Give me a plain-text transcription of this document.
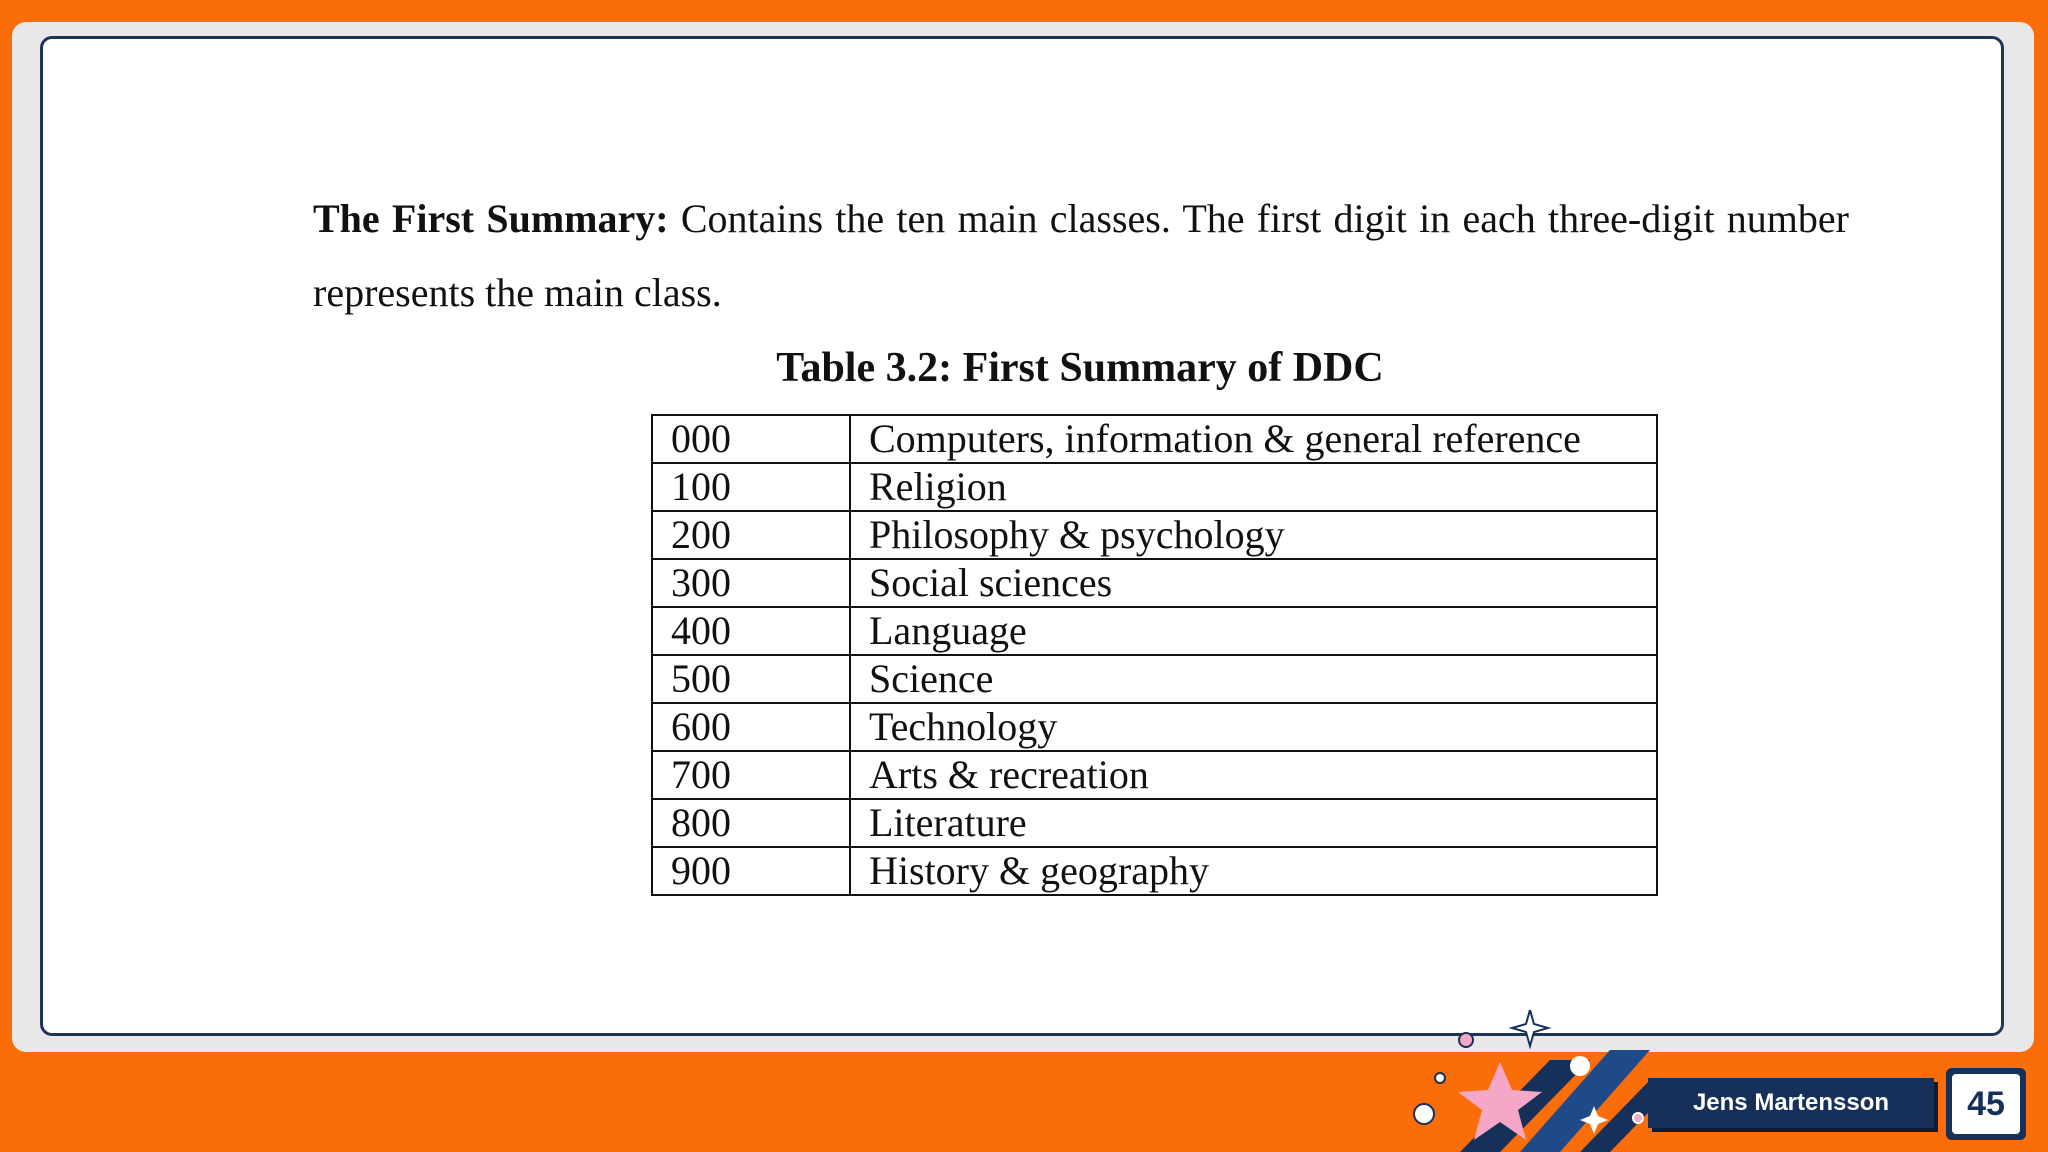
The First Summary: Contains the ten main classes. The first digit in each three-digit number represents the main class.

Table 3.2: First Summary of DDC

000	Computers, information & general reference
100	Religion
200	Philosophy & psychology
300	Social sciences
400	Language
500	Science
600	Technology
700	Arts & recreation
800	Literature
900	History & geography
Jens Martensson	45
